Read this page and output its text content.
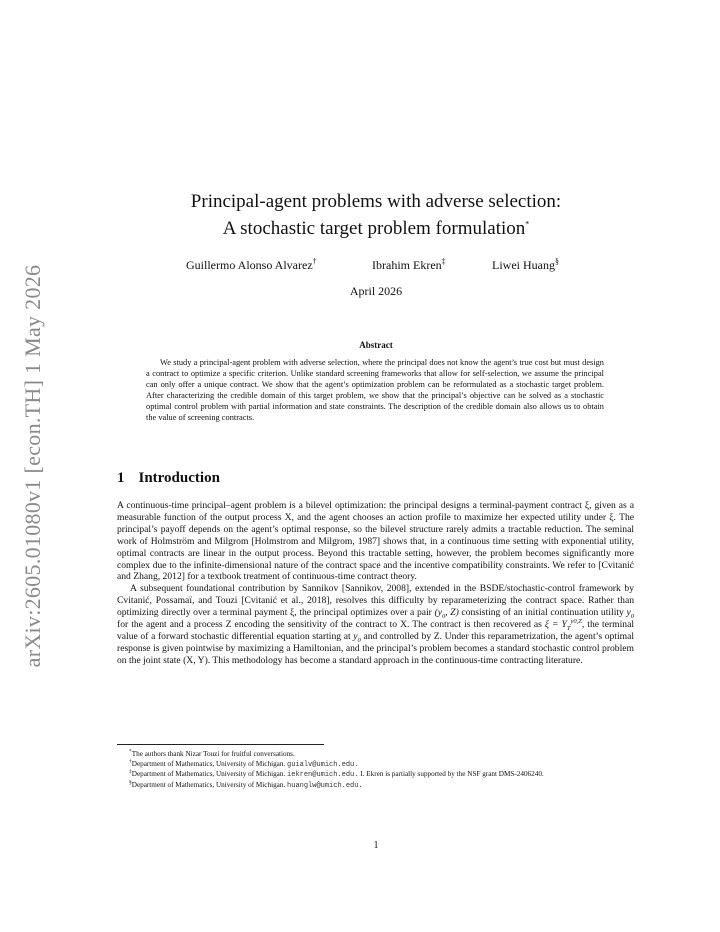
arXiv:2605.01080v1 [econ.TH] 1 May 2026
Principal-agent problems with adverse selection:
A stochastic target problem formulation*
Guillermo Alonso Alvarez†	Ibrahim Ekren‡	Liwei Huang§
April 2026
Abstract

We study a principal-agent problem with adverse selection, where the principal does not know the agent’s true cost but must design a contract to optimize a specific criterion. Unlike standard screening frameworks that allow for self-selection, we assume the principal can only offer a unique contract. We show that the agent’s optimization problem can be reformulated as a stochastic target problem. After characterizing the credible domain of this target problem, we show that the principal’s objective can be solved as a stochastic optimal control problem with partial information and state constraints. The description of the credible domain also allows us to obtain the value of screening contracts.

1 Introduction

A continuous-time principal–agent problem is a bilevel optimization: the principal designs a terminal-payment contract ξ, given as a measurable function of the output process X, and the agent chooses an action profile to maximize her expected utility under ξ. The principal’s payoff depends on the agent’s optimal response, so the bilevel structure rarely admits a tractable reduction. The seminal work of Holmström and Milgrom [Holmstrom and Milgrom, 1987] shows that, in a continuous time setting with exponential utility, optimal contracts are linear in the output process. Beyond this tractable setting, however, the problem becomes significantly more complex due to the infinite-dimensional nature of the contract space and the incentive compatibility constraints. We refer to [Cvitanić and Zhang, 2012] for a textbook treatment of continuous-time contract theory.

A subsequent foundational contribution by Sannikov [Sannikov, 2008], extended in the BSDE/stochastic-control framework by Cvitanić, Possamaï, and Touzi [Cvitanić et al., 2018], resolves this difficulty by reparameterizing the contract space. Rather than optimizing directly over a terminal payment ξ, the principal optimizes over a pair ($y_0$, Z) consisting of an initial continuation utility $y_0$ for the agent and a process Z encoding the sensitivity of the contract to X. The contract is then recovered as $\xi = Y_T^{y0,Z}$, the terminal value of a forward stochastic differential equation starting at $y_0$ and controlled by Z. Under this reparametrization, the agent’s optimal response is given pointwise by maximizing a Hamiltonian, and the principal’s problem becomes a standard stochastic control problem on the joint state (X, Y). This methodology has become a standard approach in the continuous-time contracting literature.

*The authors thank Nizar Touzi for fruitful conversations.

†Department of Mathematics, University of Michigan. guialv@umich.edu.

‡Department of Mathematics, University of Michigan. iekren@umich.edu. I. Ekren is partially supported by the NSF grant DMS-2406240.

§Department of Mathematics, University of Michigan. huanglw@umich.edu.

1
